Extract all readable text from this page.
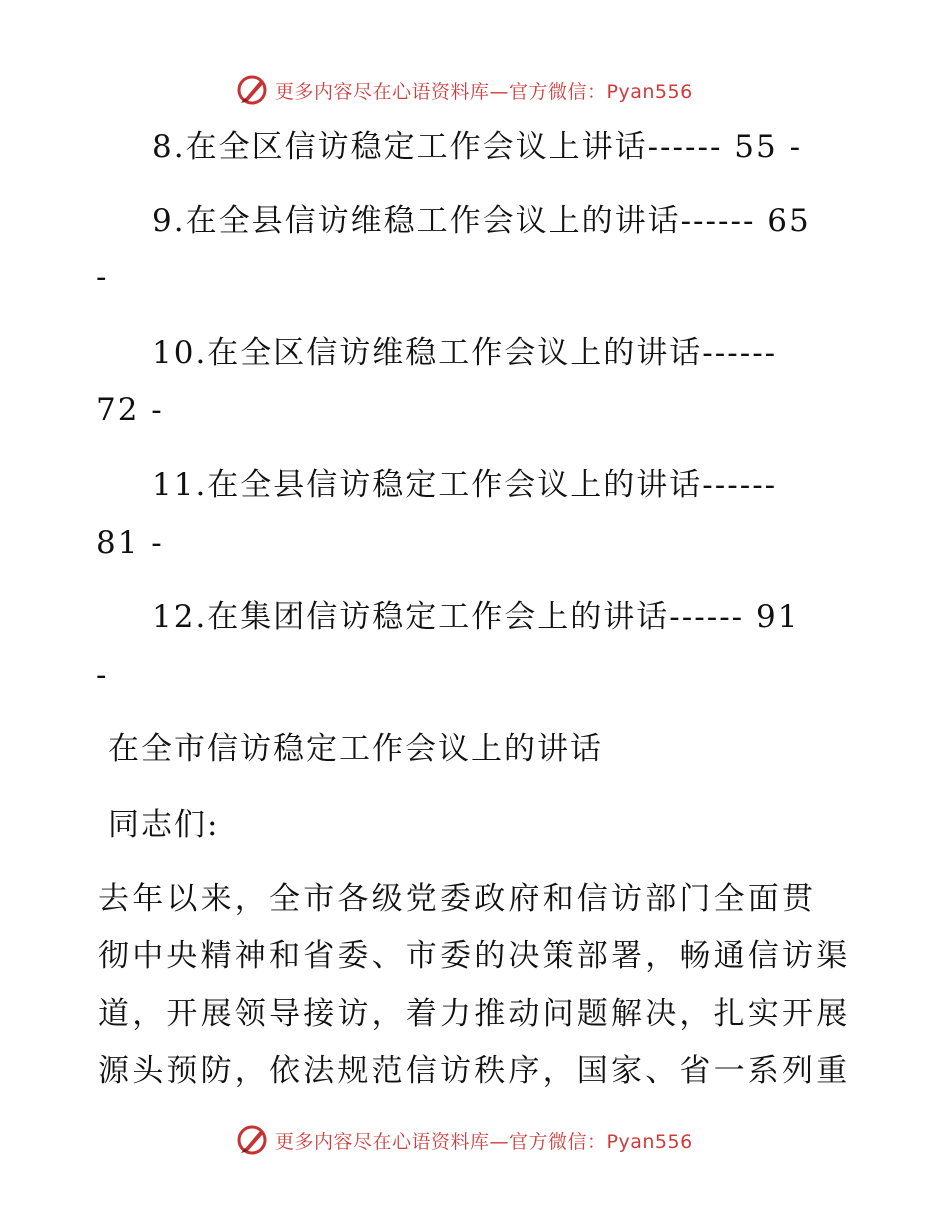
更多内容尽在心语资料库—官方微信：Pyan556
8.在全区信访稳定工作会议上讲话------ 55 -
9.在全县信访维稳工作会议上的讲话------ 65
-
10.在全区信访维稳工作会议上的讲话------
72 -
11.在全县信访稳定工作会议上的讲话------
81 -
12.在集团信访稳定工作会上的讲话------ 91
-
在全市信访稳定工作会议上的讲话
同志们:
去年以来，全市各级党委政府和信访部门全面贯
彻中央精神和省委、市委的决策部署，畅通信访渠
道，开展领导接访，着力推动问题解决，扎实开展
源头预防，依法规范信访秩序，国家、省一系列重
更多内容尽在心语资料库—官方微信：Pyan556
